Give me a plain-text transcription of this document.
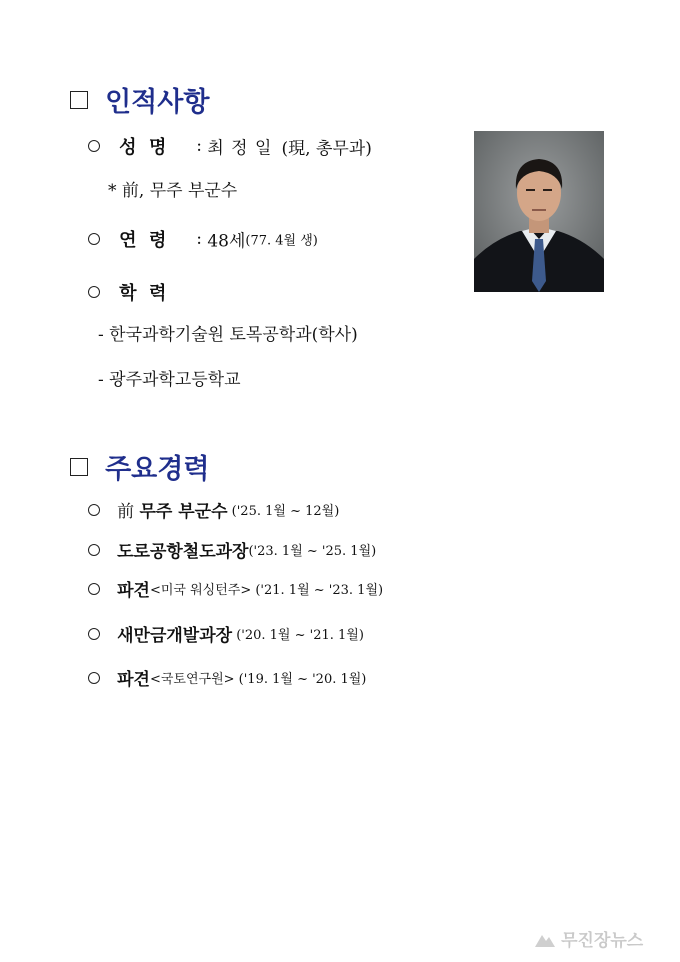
인적사항
성  명 : 최 정 일 (現, 총무과)
* 前, 무주 부군수
연  령 : 48세(77. 4월 생)
학  력
- 한국과학기술원 토목공학과(학사)
- 광주과학고등학교
주요경력
前 무주 부군수 ('25. 1월 ~ 12월)
도로공항철도과장('23. 1월 ~ '25. 1월)
파견<미국 워싱턴주> ('21. 1월 ~ '23. 1월)
새만금개발과장 ('20. 1월 ~ '21. 1월)
파견<국토연구원> ('19. 1월 ~ '20. 1월)
무진장뉴스
